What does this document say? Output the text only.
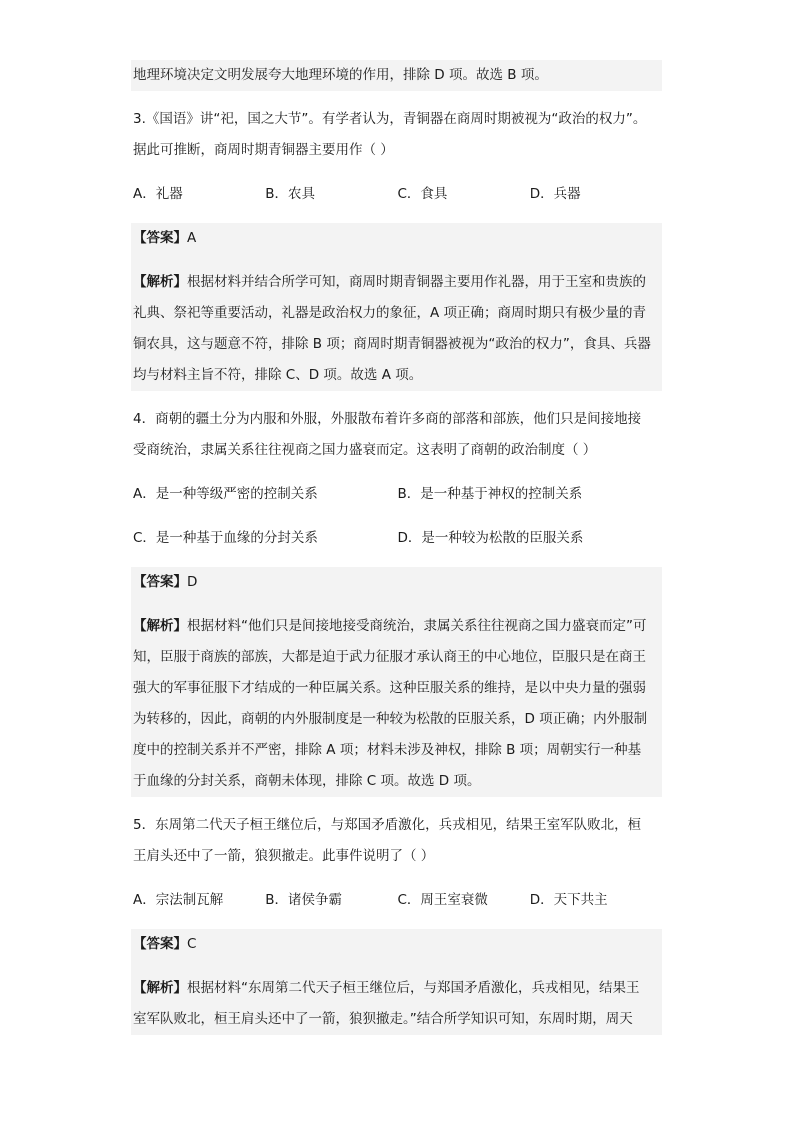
地理环境决定文明发展夸大地理环境的作用，排除 D 项。故选 B 项。
3.《国语》讲“祀，国之大节”。有学者认为，青铜器在商周时期被视为“政治的权力”。
据此可推断，商周时期青铜器主要用作（ ）
A．礼器	B．农具	C．食具	D．兵器
【答案】A
【解析】根据材料并结合所学可知，商周时期青铜器主要用作礼器，用于王室和贵族的
礼典、祭祀等重要活动，礼器是政治权力的象征，A 项正确；商周时期只有极少量的青
铜农具，这与题意不符，排除 B 项；商周时期青铜器被视为“政治的权力”，食具、兵器
均与材料主旨不符，排除 C、D 项。故选 A 项。
4．商朝的疆土分为内服和外服，外服散布着许多商的部落和部族，他们只是间接地接
受商统治，隶属关系往往视商之国力盛衰而定。这表明了商朝的政治制度（ ）
A．是一种等级严密的控制关系	B．是一种基于神权的控制关系
C．是一种基于血缘的分封关系	D．是一种较为松散的臣服关系
【答案】D
【解析】根据材料“他们只是间接地接受商统治，隶属关系往往视商之国力盛衰而定”可
知，臣服于商族的部族，大都是迫于武力征服才承认商王的中心地位，臣服只是在商王
强大的军事征服下才结成的一种臣属关系。这种臣服关系的维持，是以中央力量的强弱
为转移的，因此，商朝的内外服制度是一种较为松散的臣服关系，D 项正确；内外服制
度中的控制关系并不严密，排除 A 项；材料未涉及神权，排除 B 项；周朝实行一种基
于血缘的分封关系，商朝未体现，排除 C 项。故选 D 项。
5．东周第二代天子桓王继位后，与郑国矛盾激化，兵戎相见，结果王室军队败北，桓
王肩头还中了一箭，狼狈撤走。此事件说明了（ ）
A．宗法制瓦解	B．诸侯争霸	C．周王室衰微	D．天下共主
【答案】C
【解析】根据材料“东周第二代天子桓王继位后，与郑国矛盾激化，兵戎相见，结果王
室军队败北，桓王肩头还中了一箭，狼狈撤走。”结合所学知识可知，东周时期，周天
